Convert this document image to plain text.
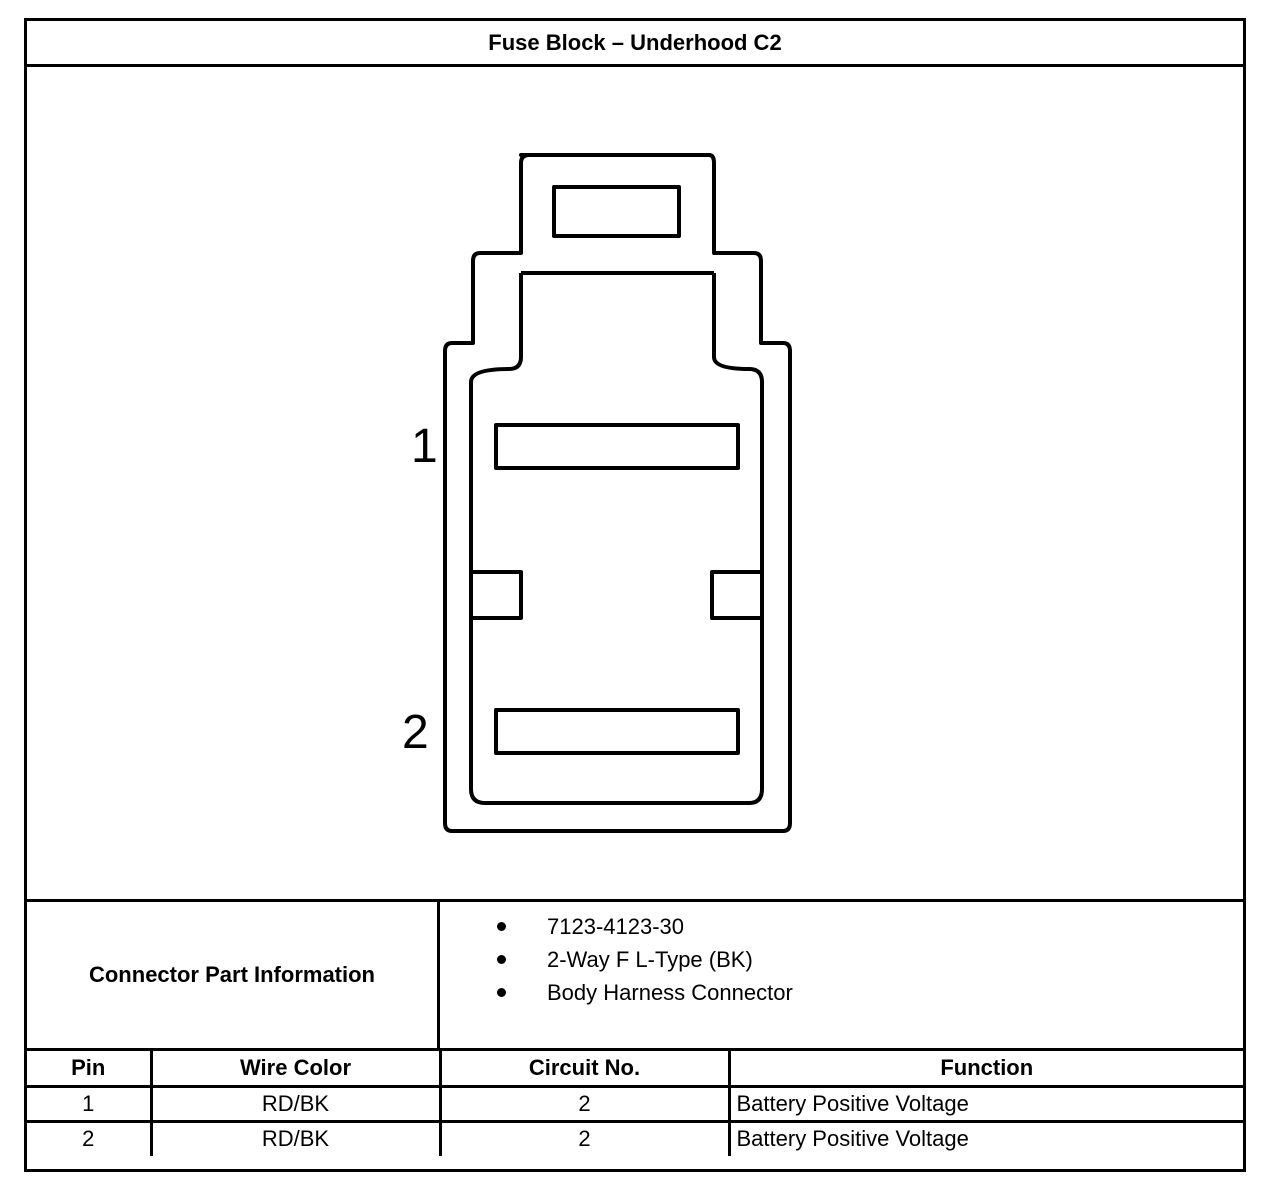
Fuse Block – Underhood C2
1
2
Connector Part Information
7123-4123-30
2-Way F L-Type (BK)
Body Harness Connector
Pin	Wire Color	Circuit No.	Function
1	RD/BK	2	Battery Positive Voltage
2	RD/BK	2	Battery Positive Voltage
